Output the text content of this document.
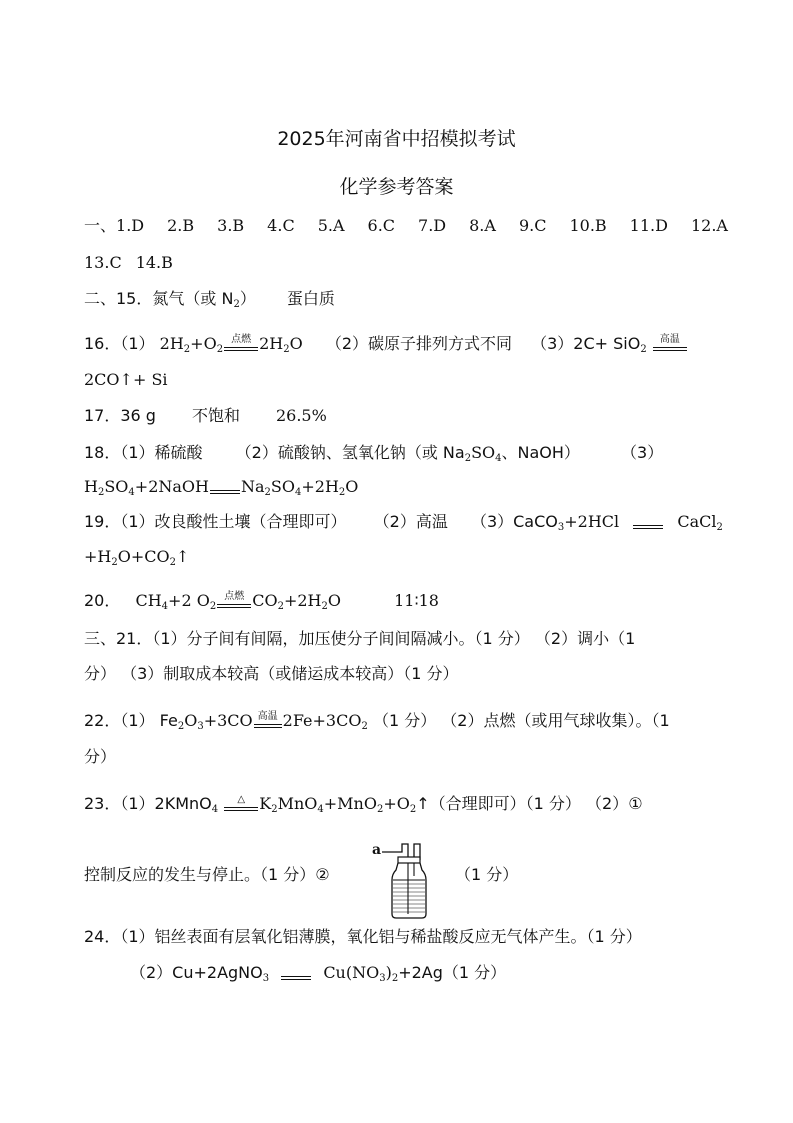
2025年河南省中招模拟考试
化学参考答案
一、1.D 2.B 3.B 4.C 5.A 6.C 7.D 8.A 9.C 10.B 11.D 12.A
13.C 14.B
二、15．氮气（或 $N_2$） 蛋白质
16．（1） $2H_2+O_2$
点燃 $2H_2O$ （2）碳原子排列方式不同 （3）2C+ SiO$_2$
高温
2CO↑+ Si
17．36 g 不饱和 26.5%
18．（1）稀硫酸 （2）硫酸钠、氢氧化钠（或 $Na_2SO_4$、NaOH）	（3）
$H_2SO_4+2NaOH$ $Na_2SO_4+2H_2O$
19．（1）改良酸性土壤（合理即可） （2）高温 （3）CaCO$_3$+2HCl	CaCl$_2$
$+H_2O+CO_2↑$
20． $CH_4+2$ $O_2$
点燃 $CO_2+2H_2O$	11∶18
三、21．（1）分子间有间隔，加压使分子间间隔减小。（1 分） （2）调小（1
分） （3）制取成本较高（或储运成本较高）（1 分）
22．（1） $Fe_2O_3+3CO$ 高温 $2Fe+3CO_2$ （1 分） （2）点燃（或用气球收集）。（1
分）
23．（1）2KMnO$_4$
△ $K_2MnO_4+MnO_2+O_2↑$（合理即可）（1 分） （2）①
控制反应的发生与停止。（1 分）②	（1 分）
a
24．（1）铝丝表面有层氧化铝薄膜，氧化铝与稀盐酸反应无气体产生。（1 分）
（2）Cu+2AgNO$_3$	$Cu(NO_3)_2+2Ag(1$ 分）
